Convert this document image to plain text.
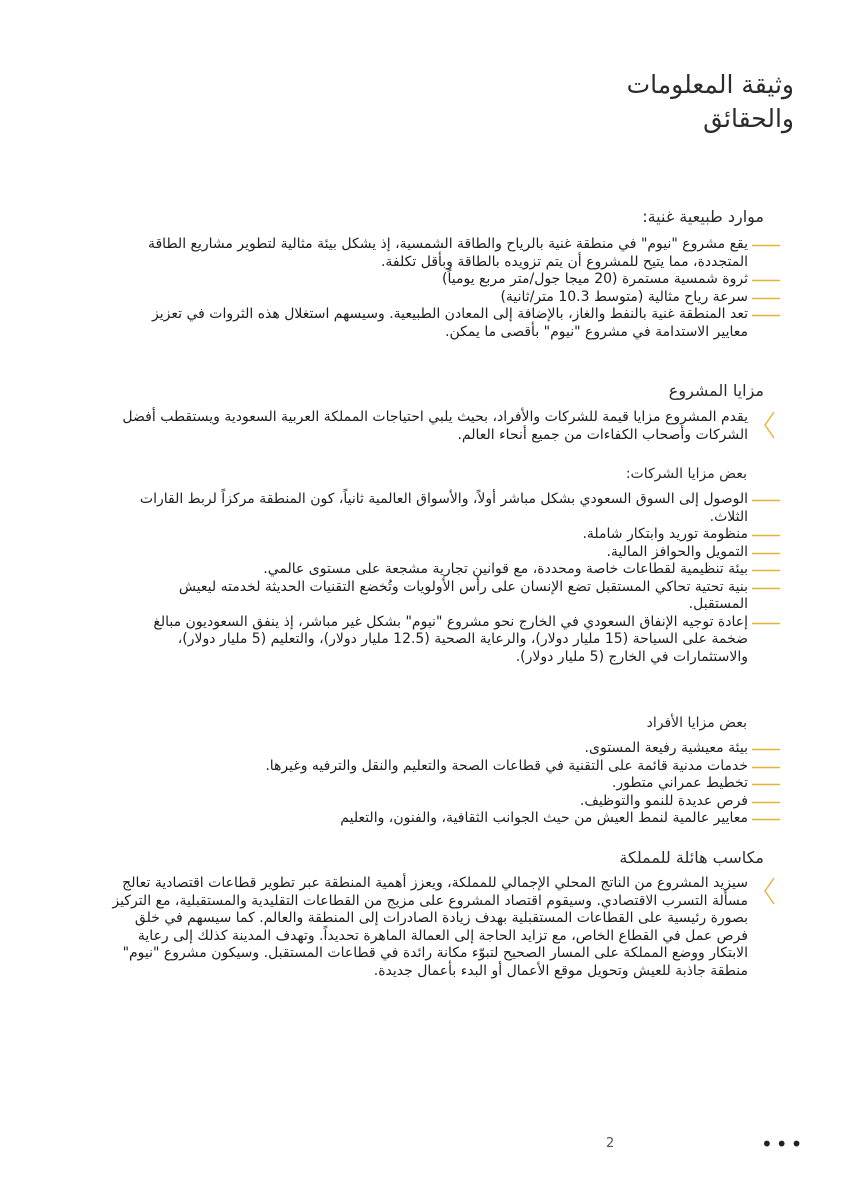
وثيقة المعلومات
والحقائق
موارد طبيعية غنية:
يقع مشروع "نيوم" في منطقة غنية بالرياح والطاقة الشمسية، إذ يشكل بيئة مثالية لتطوير مشاريع الطاقة المتجددة، مما يتيح للمشروع أن يتم تزويده بالطاقة وبأقل تكلفة.
ثروة شمسية مستمرة (20 ميجا جول/متر مربع يومياً)
سرعة رياح مثالية (متوسط 10.3 متر/ثانية)
تعد المنطقة غنية بالنفط والغاز، بالإضافة إلى المعادن الطبيعية. وسيسهم استغلال هذه الثروات في تعزيز معايير الاستدامة في مشروع "نيوم" بأقصى ما يمكن.
مزايا المشروع

يقدم المشروع مزايا قيمة للشركات والأفراد، بحيث يلبي احتياجات المملكة العربية السعودية ويستقطب أفضل الشركات وأصحاب الكفاءات من جميع أنحاء العالم.

بعض مزايا الشركات:
الوصول إلى السوق السعودي بشكل مباشر أولاً، والأسواق العالمية ثانياً، كون المنطقة مركزاً لربط القارات الثلاث.
منظومة توريد وابتكار شاملة.
التمويل والحوافز المالية.
بيئة تنظيمية لقطاعات خاصة ومحددة، مع قوانين تجارية مشجعة على مستوى عالمي.
بنية تحتية تحاكي المستقبل تضع الإنسان على رأس الأولويات وتُخضع التقنيات الحديثة لخدمته ليعيش المستقبل.
إعادة توجيه الإنفاق السعودي في الخارج نحو مشروع "نيوم" بشكل غير مباشر، إذ ينفق السعوديون مبالغ ضخمة على السياحة (15 مليار دولار)، والرعاية الصحية (12.5 مليار دولار)، والتعليم (5 مليار دولار)، والاستثمارات في الخارج (5 مليار دولار).
بعض مزايا الأفراد
بيئة معيشية رفيعة المستوى.
خدمات مدنية قائمة على التقنية في قطاعات الصحة والتعليم والنقل والترفيه وغيرها.
تخطيط عمراني متطور.
فرص عديدة للنمو والتوظيف.
معايير عالمية لنمط العيش من حيث الجوانب الثقافية، والفنون، والتعليم
مكاسب هائلة للمملكة

سيزيد المشروع من الناتج المحلي الإجمالي للمملكة، ويعزز أهمية المنطقة عبر تطوير قطاعات اقتصادية تعالج مسألة التسرب الاقتصادي. وسيقوم اقتصاد المشروع على مزيج من القطاعات التقليدية والمستقبلية، مع التركيز بصورة رئيسية على القطاعات المستقبلية بهدف زيادة الصادرات إلى المنطقة والعالم. كما سيسهم في خلق فرص عمل في القطاع الخاص، مع تزايد الحاجة إلى العمالة الماهرة تحديداً. وتهدف المدينة كذلك إلى رعاية الابتكار ووضع المملكة على المسار الصحيح لتبوّء مكانة رائدة في قطاعات المستقبل. وسيكون مشروع "نيوم" منطقة جاذبة للعيش وتحويل موقع الأعمال أو البدء بأعمال جديدة.

2	•••
